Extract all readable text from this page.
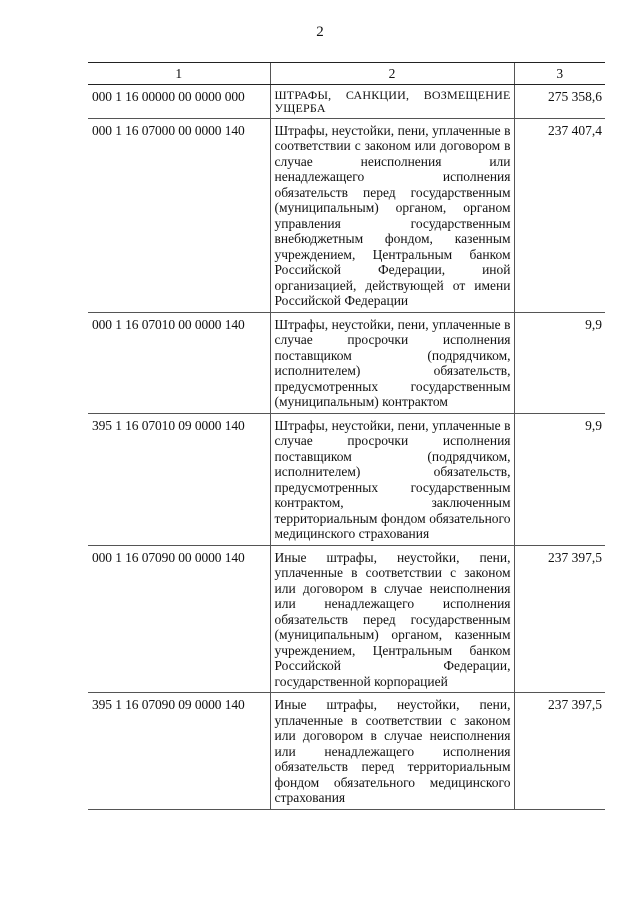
2
1	2	3
000 1 16 00000 00 0000 000	ШТРАФЫ, САНКЦИИ, ВОЗМЕЩЕНИЕ УЩЕРБА	275 358,6
000 1 16 07000 00 0000 140	Штрафы, неустойки, пени, уплаченные в соответствии с законом или договором в случае неисполнения или ненадлежащего исполнения обязательств перед государственным (муниципальным) органом, органом управления государственным внебюджетным фондом, казенным учреждением, Центральным банком Российской Федерации, иной организацией, действующей от имени Российской Федерации	237 407,4
000 1 16 07010 00 0000 140	Штрафы, неустойки, пени, уплаченные в случае просрочки исполнения поставщиком (подрядчиком, исполнителем) обязательств, предусмотренных государственным (муниципальным) контрактом	9,9
395 1 16 07010 09 0000 140	Штрафы, неустойки, пени, уплаченные в случае просрочки исполнения поставщиком (подрядчиком, исполнителем) обязательств, предусмотренных государственным контрактом, заключенным территориальным фондом обязательного медицинского страхования	9,9
000 1 16 07090 00 0000 140	Иные штрафы, неустойки, пени, уплаченные в соответствии с законом или договором в случае неисполнения или ненадлежащего исполнения обязательств перед государственным (муниципальным) органом, казенным учреждением, Центральным банком Российской Федерации, государственной корпорацией	237 397,5
395 1 16 07090 09 0000 140	Иные штрафы, неустойки, пени, уплаченные в соответствии с законом или договором в случае неисполнения или ненадлежащего исполнения обязательств перед территориальным фондом обязательного медицинского страхования	237 397,5
